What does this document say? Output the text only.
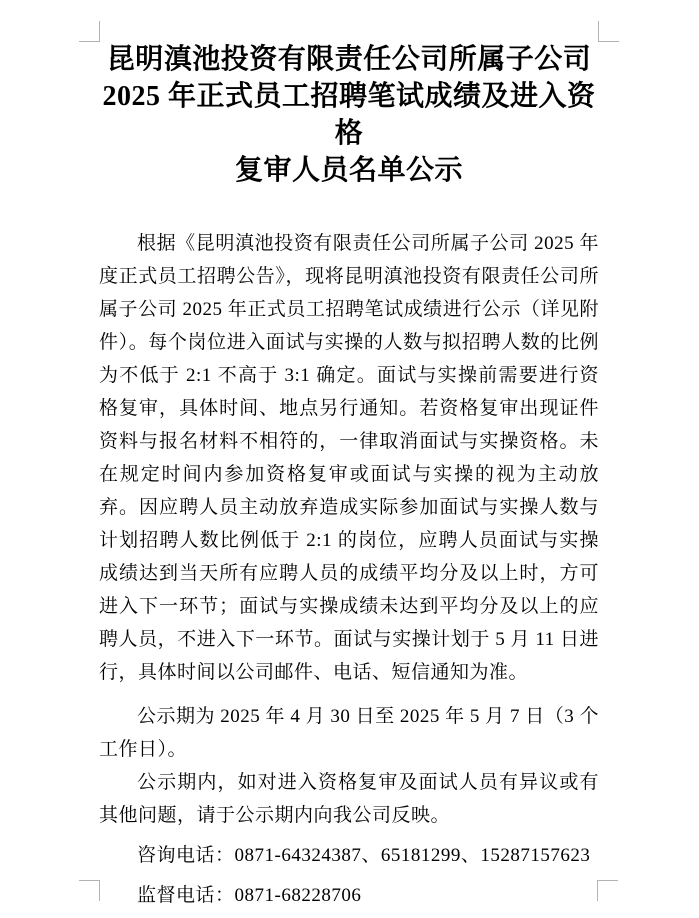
昆明滇池投资有限责任公司所属子公司
2025 年正式员工招聘笔试成绩及进入资格
复审人员名单公示

根据《昆明滇池投资有限责任公司所属子公司 2025 年度正式员工招聘公告》，现将昆明滇池投资有限责任公司所属子公司 2025 年正式员工招聘笔试成绩进行公示（详见附件）。每个岗位进入面试与实操的人数与拟招聘人数的比例为不低于 2:1 不高于 3:1 确定。面试与实操前需要进行资格复审，具体时间、地点另行通知。若资格复审出现证件资料与报名材料不相符的，一律取消面试与实操资格。未在规定时间内参加资格复审或面试与实操的视为主动放弃。因应聘人员主动放弃造成实际参加面试与实操人数与计划招聘人数比例低于 2:1 的岗位，应聘人员面试与实操成绩达到当天所有应聘人员的成绩平均分及以上时，方可进入下一环节；面试与实操成绩未达到平均分及以上的应聘人员，不进入下一环节。面试与实操计划于 5 月 11 日进行，具体时间以公司邮件、电话、短信通知为准。

公示期为 2025 年 4 月 30 日至 2025 年 5 月 7 日（3 个工作日）。

公示期内，如对进入资格复审及面试人员有异议或有其他问题，请于公示期内向我公司反映。

咨询电话：0871-64324387、65181299、15287157623

监督电话：0871-68228706
